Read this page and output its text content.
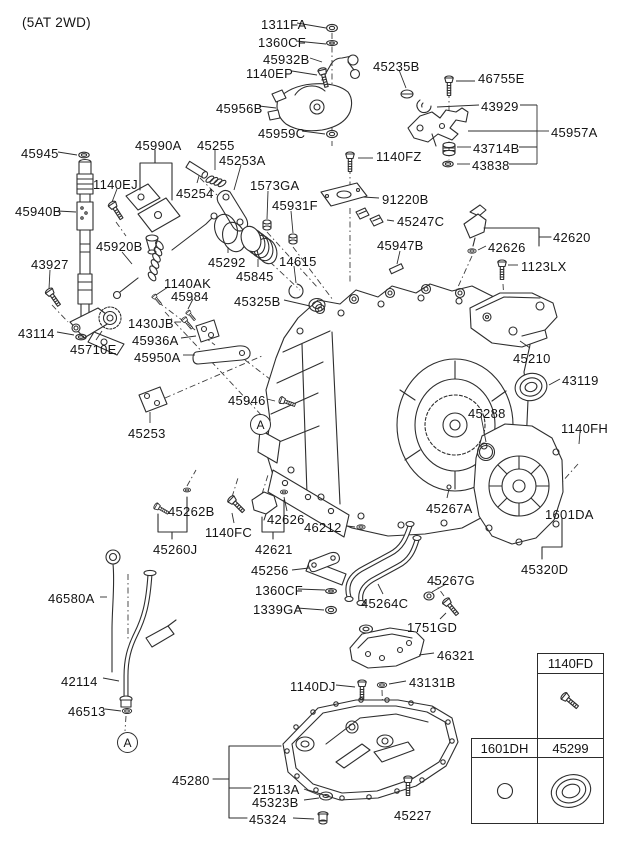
(5AT 2WD)	1311FA
1360CF
45932B
1140EP	45235B
46755E
45956B	43929
45957A
45959C
43714B
43838
45945
45990A 45255
45253A	1140FZ
1140EJ	1573GA
45254
45931F	91220B
45940B
45247C
45920B
42620
42626
45947B
43927	45292	14615	1123LX
45845
1140AK
45984 45325B
1430JB
43114	45936A
45710E
45950A	45210
43119
45946
45253
45288
1140FH
45262B	45267A	1601DA
1140FC
42626
46212
45260J	42621
45320D
45256
1360CF
45267G
1339GA	45264C
46580A
1751GD
46321
42114	1140DJ	43131B
46513
45280
21513A
45323B
45324	45227
A
A
1140FD
1601DH	45299
